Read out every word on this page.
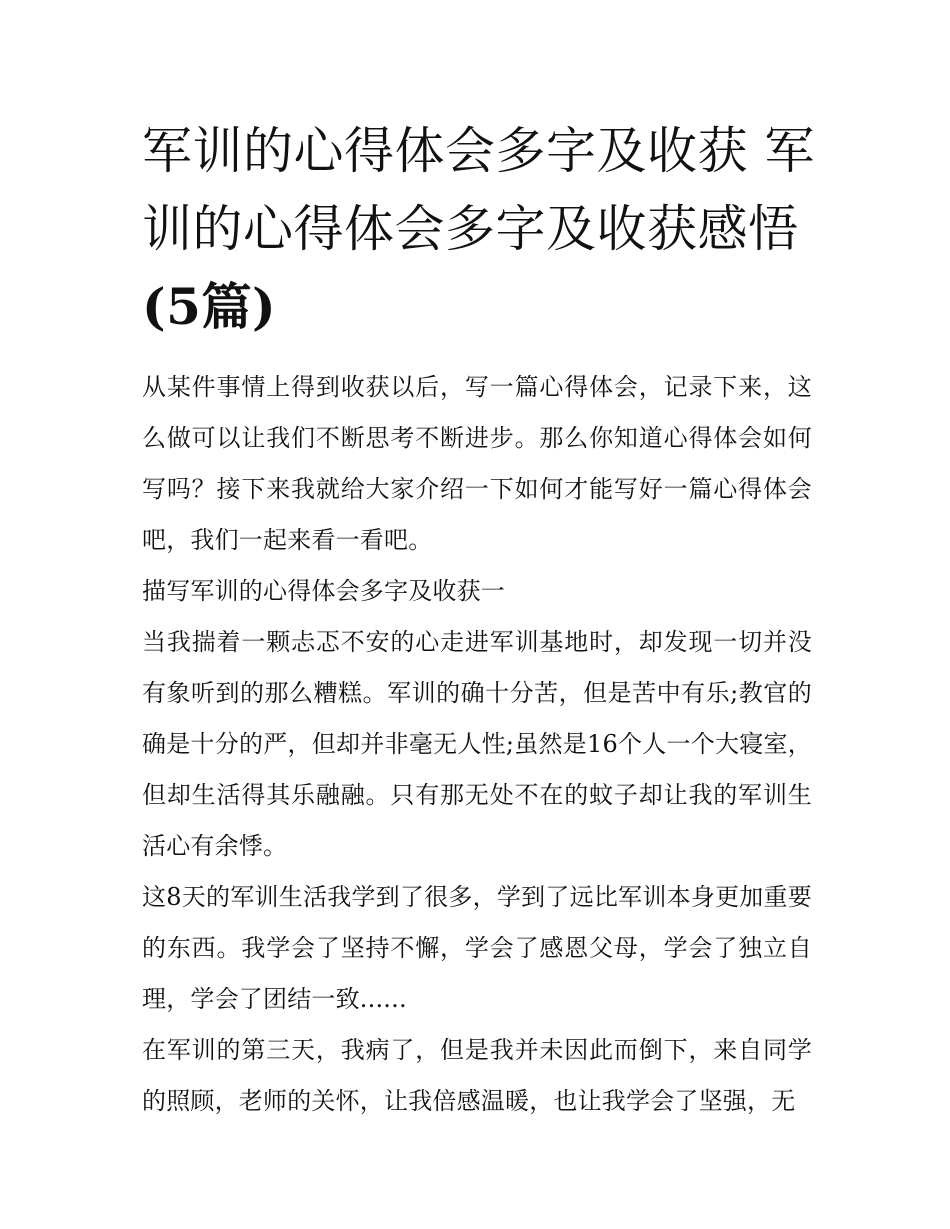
军训的心得体会多字及收获 军
训的心得体会多字及收获感悟
(5篇)

从某件事情上得到收获以后，写一篇心得体会，记录下来，这么做可以让我们不断思考不断进步。那么你知道心得体会如何写吗？接下来我就给大家介绍一下如何才能写好一篇心得体会吧，我们一起来看一看吧。

描写军训的心得体会多字及收获一

当我揣着一颗忐忑不安的心走进军训基地时，却发现一切并没有象听到的那么糟糕。军训的确十分苦，但是苦中有乐;教官的确是十分的严，但却并非毫无人性;虽然是16个人一个大寝室，但却生活得其乐融融。只有那无处不在的蚊子却让我的军训生活心有余悸。

这8天的军训生活我学到了很多，学到了远比军训本身更加重要的东西。我学会了坚持不懈，学会了感恩父母，学会了独立自理，学会了团结一致......

在军训的第三天，我病了，但是我并未因此而倒下，来自同学的照顾，老师的关怀，让我倍感温暖，也让我学会了坚强，无
